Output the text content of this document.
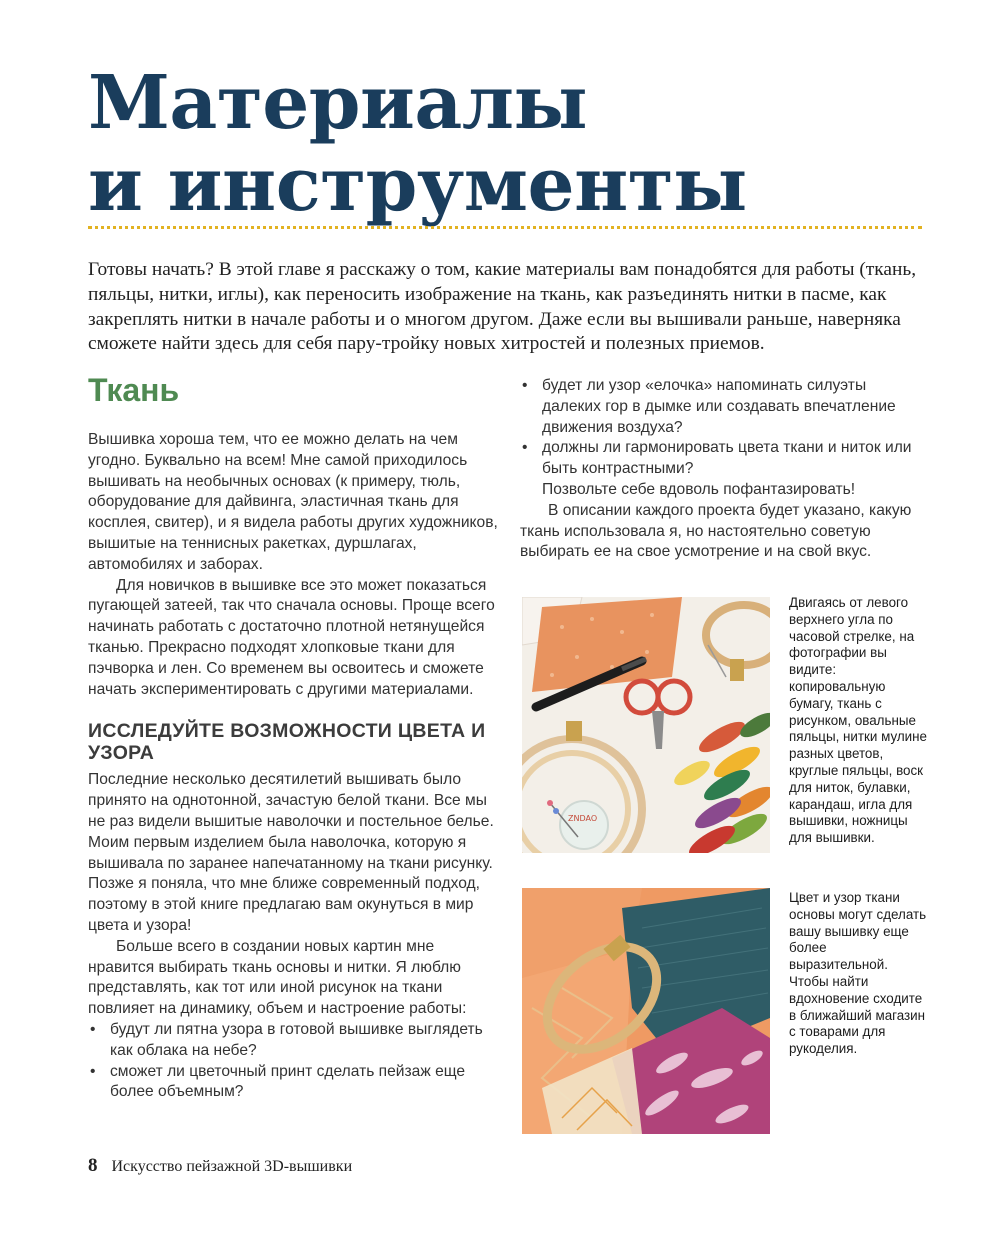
Материалы
и инструменты

Готовы начать? В этой главе я расскажу о том, какие материалы вам понадобятся для работы (ткань, пяльцы, нитки, иглы), как переносить изображение на ткань, как разъединять нитки в пасме, как закреплять нитки в начале работы и о многом другом. Даже если вы вышивали раньше, наверняка сможете найти здесь для себя пару-тройку новых хитростей и полезных приемов.

Ткань

Вышивка хороша тем, что ее можно делать на чем угодно. Буквально на всем! Мне самой приходилось вышивать на необычных основах (к примеру, тюль, оборудование для дайвинга, эластичная ткань для косплея, свитер), и я видела работы других художников, вышитые на теннисных ракетках, дуршлагах, автомобилях и заборах.

Для новичков в вышивке все это может показаться пугающей затеей, так что сначала основы. Проще всего начинать работать с достаточно плотной нетянущейся тканью. Прекрасно подходят хлопковые ткани для пэчворка и лен. Со временем вы освоитесь и сможете начать экспериментировать с другими материалами.

ИССЛЕДУЙТЕ ВОЗМОЖНОСТИ ЦВЕТА И УЗОРА

Последние несколько десятилетий вышивать было принято на однотонной, зачастую белой ткани. Все мы не раз видели вышитые наволочки и постельное белье. Моим первым изделием была наволочка, которую я вышивала по заранее напечатанному на ткани рисунку. Позже я поняла, что мне ближе современный подход, поэтому в этой книге предлагаю вам окунуться в мир цвета и узора!

Больше всего в создании новых картин мне нравится выбирать ткань основы и нитки. Я люблю представлять, как тот или иной рисунок на ткани повлияет на динамику, объем и настроение работы:

• будут ли пятна узора в готовой вышивке выглядеть как облака на небе?
• сможет ли цветочный принт сделать пейзаж еще более объемным?
• будет ли узор «елочка» напоминать силуэты далеких гор в дымке или создавать впечатление движения воздуха?
• должны ли гармонировать цвета ткани и ниток или быть контрастными?

Позвольте себе вдоволь пофантазировать!

В описании каждого проекта будет указано, какую ткань использовала я, но настоятельно советую выбирать ее на свое усмотрение и на свой вкус.

ZNDAO

Двигаясь от левого верхнего угла по часовой стрелке, на фотографии вы видите: копировальную бумагу, ткань с рисунком, овальные пяльцы, нитки мулине разных цветов, круглые пяльцы, воск для ниток, булавки, карандаш, игла для вышивки, ножницы для вышивки.

Цвет и узор ткани основы могут сделать вашу вышивку еще более выразительной. Чтобы найти вдохновение сходите в ближайший магазин с товарами для рукоделия.

8 Искусство пейзажной 3D-вышивки
